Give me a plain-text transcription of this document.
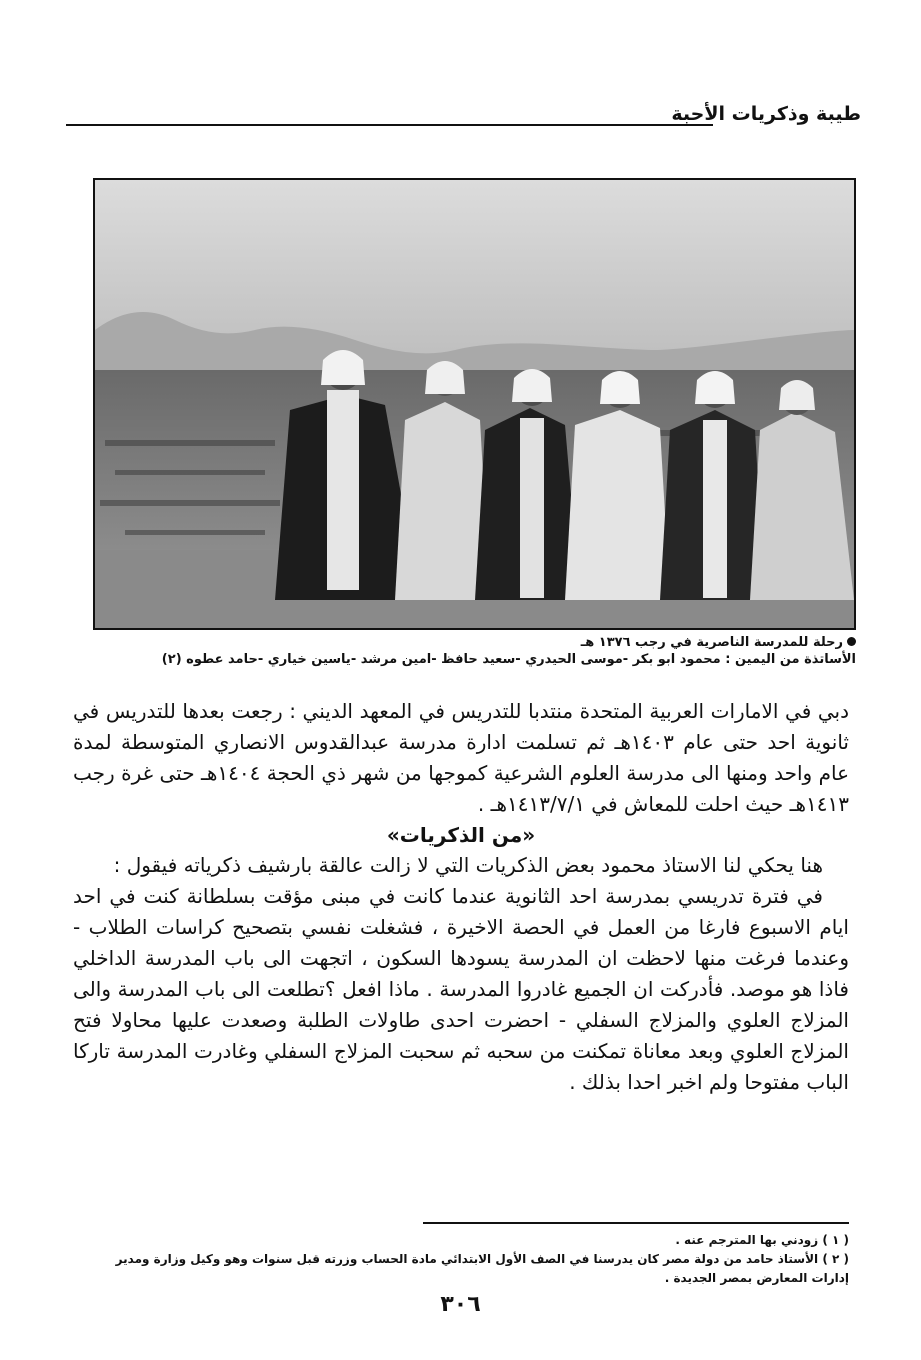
طيبة وذكريات الأحبة
رحلة للمدرسة الناصرية في رجب ١٣٧٦ هـ
الأساتذة من اليمين : محمود ابو بكر -موسى الحيدري -سعيد حافظ -امين مرشد -ياسين خياري -حامد عطوه (٢)

دبي في الامارات العربية المتحدة منتدبا للتدريس في المعهد الديني : رجعت بعدها للتدريس في ثانوية احد حتى عام ١٤٠٣هـ ثم تسلمت ادارة مدرسة عبدالقدوس الانصاري المتوسطة لمدة عام واحد ومنها الى مدرسة العلوم الشرعية كموجها من شهر ذي الحجة ١٤٠٤هـ حتى غرة رجب ١٤١٣هـ حيث احلت للمعاش في ١٤١٣/٧/١هـ .

«من الذكريات»

هنا يحكي لنا الاستاذ محمود بعض الذكريات التي لا زالت عالقة بارشيف ذكرياته فيقول :

في فترة تدريسي بمدرسة احد الثانوية عندما كانت في مبنى مؤقت بسلطانة كنت في احد ايام الاسبوع فارغا من العمل في الحصة الاخيرة ، فشغلت نفسي بتصحيح كراسات الطلاب - وعندما فرغت منها لاحظت ان المدرسة يسودها السكون ، اتجهت الى باب المدرسة الداخلي فاذا هو موصد. فأدركت ان الجميع غادروا المدرسة . ماذا افعل ؟تطلعت الى باب المدرسة والى المزلاج العلوي والمزلاج السفلي - احضرت احدى طاولات الطلبة وصعدت عليها محاولا فتح المزلاج العلوي وبعد معاناة تمكنت من سحبه ثم سحبت المزلاج السفلي وغادرت المدرسة تاركا الباب مفتوحا ولم اخبر احدا بذلك .

( ١ ) زودني بها المترجم عنه .
( ٢ ) الأستاذ حامد من دولة مصر كان يدرسنا في الصف الأول الابتدائي مادة الحساب وزرته قبل سنوات وهو وكيل وزارة ومدير
إدارات المعارض بمصر الجديدة .
٣٠٦
